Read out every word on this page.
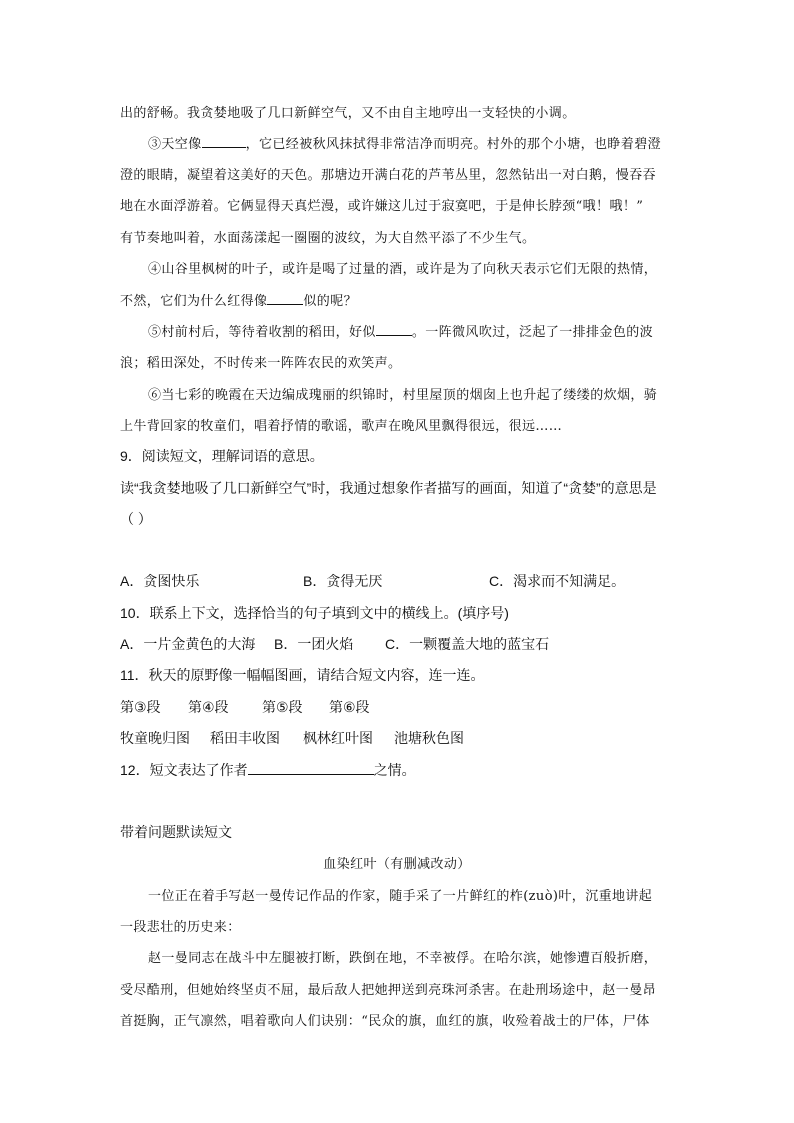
出的舒畅。我贪婪地吸了几口新鲜空气，又不由自主地哼出一支轻快的小调。
③天空像	，它已经被秋风抹拭得非常洁净而明亮。村外的那个小塘，也睁着碧澄
澄的眼睛，凝望着这美好的天色。那塘边开满白花的芦苇丛里，忽然钻出一对白鹅，慢吞吞
地在水面浮游着。它俩显得天真烂漫，或许嫌这儿过于寂寞吧，于是伸长脖颈“哦！哦！”
有节奏地叫着，水面荡漾起一圈圈的波纹，为大自然平添了不少生气。
④山谷里枫树的叶子，或许是喝了过量的酒，或许是为了向秋天表示它们无限的热情，
不然，它们为什么红得像	似的呢？
⑤村前村后，等待着收割的稻田，好似	。一阵微风吹过，泛起了一排排金色的波
浪；稻田深处，不时传来一阵阵农民的欢笑声。
⑥当七彩的晚霞在天边编成瑰丽的织锦时，村里屋顶的烟囱上也升起了缕缕的炊烟，骑
上牛背回家的牧童们，唱着抒情的歌谣，歌声在晚风里飘得很远，很远……
9．阅读短文，理解词语的意思。
读“我贪婪地吸了几口新鲜空气”时，我通过想象作者描写的画面，知道了“贪婪”的意思是
（ ）
A．贪图快乐	B．贪得无厌	C．渴求而不知满足。
10．联系上下文，选择恰当的句子填到文中的横线上。(填序号)
A．一片金黄色的大海 B．一团火焰 C．一颗覆盖大地的蓝宝石
11．秋天的原野像一幅幅图画，请结合短文内容，连一连。
第③段 第④段 第⑤段 第⑥段
牧童晚归图 稻田丰收图 枫林红叶图 池塘秋色图
12．短文表达了作者	之情。
带着问题默读短文
血染红叶（有删减改动）
一位正在着手写赵一曼传记作品的作家，随手采了一片鲜红的柞(zuò)叶，沉重地讲起
一段悲壮的历史来：
赵一曼同志在战斗中左腿被打断，跌倒在地，不幸被俘。在哈尔滨，她惨遭百般折磨，
受尽酷刑，但她始终坚贞不屈，最后敌人把她押送到亮珠河杀害。在赴刑场途中，赵一曼昂
首挺胸，正气凛然，唱着歌向人们诀别：“民众的旗，血红的旗，收殓着战士的尸体，尸体
